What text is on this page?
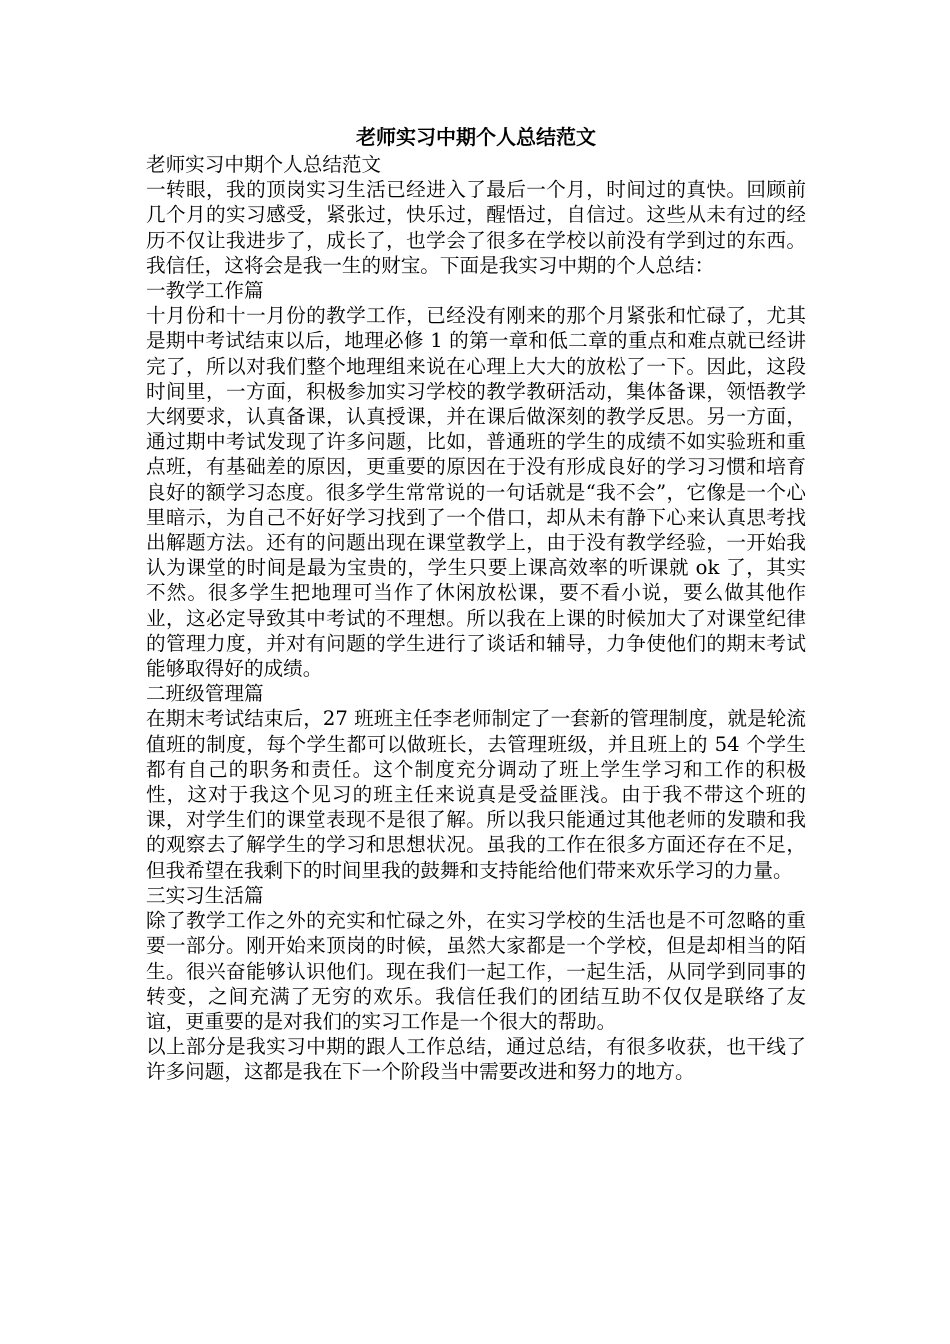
老师实习中期个人总结范文

老师实习中期个人总结范文

一转眼，我的顶岗实习生活已经进入了最后一个月，时间过的真快。回顾前几个月的实习感受，紧张过，快乐过，醒悟过，自信过。这些从未有过的经历不仅让我进步了，成长了，也学会了很多在学校以前没有学到过的东西。我信任，这将会是我一生的财宝。下面是我实习中期的个人总结：

一教学工作篇

十月份和十一月份的教学工作，已经没有刚来的那个月紧张和忙碌了，尤其是期中考试结束以后，地理必修 1 的第一章和低二章的重点和难点就已经讲完了，所以对我们整个地理组来说在心理上大大的放松了一下。因此，这段时间里，一方面，积极参加实习学校的教学教研活动，集体备课，领悟教学大纲要求，认真备课，认真授课，并在课后做深刻的教学反思。另一方面，通过期中考试发现了许多问题，比如，普通班的学生的成绩不如实验班和重点班，有基础差的原因，更重要的原因在于没有形成良好的学习习惯和培育良好的额学习态度。很多学生常常说的一句话就是“我不会”，它像是一个心里暗示，为自己不好好学习找到了一个借口，却从未有静下心来认真思考找出解题方法。还有的问题出现在课堂教学上，由于没有教学经验，一开始我认为课堂的时间是最为宝贵的，学生只要上课高效率的听课就 ok 了，其实不然。很多学生把地理可当作了休闲放松课，要不看小说，要么做其他作业，这必定导致其中考试的不理想。所以我在上课的时候加大了对课堂纪律的管理力度，并对有问题的学生进行了谈话和辅导，力争使他们的期末考试能够取得好的成绩。

二班级管理篇

在期末考试结束后，27 班班主任李老师制定了一套新的管理制度，就是轮流值班的制度，每个学生都可以做班长，去管理班级，并且班上的 54 个学生都有自己的职务和责任。这个制度充分调动了班上学生学习和工作的积极性，这对于我这个见习的班主任来说真是受益匪浅。由于我不带这个班的课，对学生们的课堂表现不是很了解。所以我只能通过其他老师的发聩和我的观察去了解学生的学习和思想状况。虽我的工作在很多方面还存在不足，但我希望在我剩下的时间里我的鼓舞和支持能给他们带来欢乐学习的力量。

三实习生活篇

除了教学工作之外的充实和忙碌之外，在实习学校的生活也是不可忽略的重要一部分。刚开始来顶岗的时候，虽然大家都是一个学校，但是却相当的陌生。很兴奋能够认识他们。现在我们一起工作，一起生活，从同学到同事的转变，之间充满了无穷的欢乐。我信任我们的团结互助不仅仅是联络了友谊，更重要的是对我们的实习工作是一个很大的帮助。

以上部分是我实习中期的跟人工作总结，通过总结，有很多收获，也干线了许多问题，这都是我在下一个阶段当中需要改进和努力的地方。
